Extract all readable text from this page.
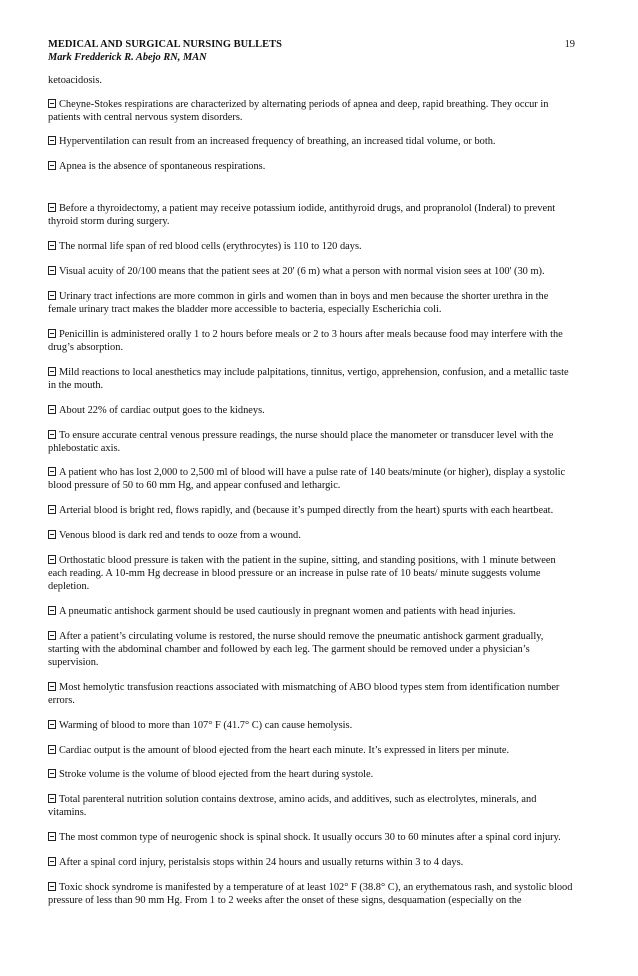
19
MEDICAL AND SURGICAL NURSING BULLETS
Mark Fredderick R. Abejo RN, MAN
ketoacidosis.
Cheyne-Stokes respirations are characterized by alternating periods of apnea and deep, rapid breathing. They occur in patients with central nervous system disorders.
Hyperventilation can result from an increased frequency of breathing, an increased tidal volume, or both.
Apnea is the absence of spontaneous respirations.
Before a thyroidectomy, a patient may receive potassium iodide, antithyroid drugs, and propranolol (Inderal) to prevent thyroid storm during surgery.
The normal life span of red blood cells (erythrocytes) is 110 to 120 days.
Visual acuity of 20/100 means that the patient sees at 20' (6 m) what a person with normal vision sees at 100' (30 m).
Urinary tract infections are more common in girls and women than in boys and men because the shorter urethra in the female urinary tract makes the bladder more accessible to bacteria, especially Escherichia coli.
Penicillin is administered orally 1 to 2 hours before meals or 2 to 3 hours after meals because food may interfere with the drug’s absorption.
Mild reactions to local anesthetics may include palpitations, tinnitus, vertigo, apprehension, confusion, and a metallic taste in the mouth.
About 22% of cardiac output goes to the kidneys.
To ensure accurate central venous pressure readings, the nurse should place the manometer or transducer level with the phlebostatic axis.
A patient who has lost 2,000 to 2,500 ml of blood will have a pulse rate of 140 beats/minute (or higher), display a systolic blood pressure of 50 to 60 mm Hg, and appear confused and lethargic.
Arterial blood is bright red, flows rapidly, and (because it’s pumped directly from the heart) spurts with each heartbeat.
Venous blood is dark red and tends to ooze from a wound.
Orthostatic blood pressure is taken with the patient in the supine, sitting, and standing positions, with 1 minute between each reading. A 10-mm Hg decrease in blood pressure or an increase in pulse rate of 10 beats/ minute suggests volume depletion.
A pneumatic antishock garment should be used cautiously in pregnant women and patients with head injuries.
After a patient’s circulating volume is restored, the nurse should remove the pneumatic antishock garment gradually, starting with the abdominal chamber and followed by each leg. The garment should be removed under a physician’s supervision.
Most hemolytic transfusion reactions associated with mismatching of ABO blood types stem from identification number errors.
Warming of blood to more than 107° F (41.7° C) can cause hemolysis.
Cardiac output is the amount of blood ejected from the heart each minute. It’s expressed in liters per minute.
Stroke volume is the volume of blood ejected from the heart during systole.
Total parenteral nutrition solution contains dextrose, amino acids, and additives, such as electrolytes, minerals, and vitamins.
The most common type of neurogenic shock is spinal shock. It usually occurs 30 to 60 minutes after a spinal cord injury.
After a spinal cord injury, peristalsis stops within 24 hours and usually returns within 3 to 4 days.
Toxic shock syndrome is manifested by a temperature of at least 102° F (38.8° C), an erythematous rash, and systolic blood pressure of less than 90 mm Hg. From 1 to 2 weeks after the onset of these signs, desquamation (especially on the
